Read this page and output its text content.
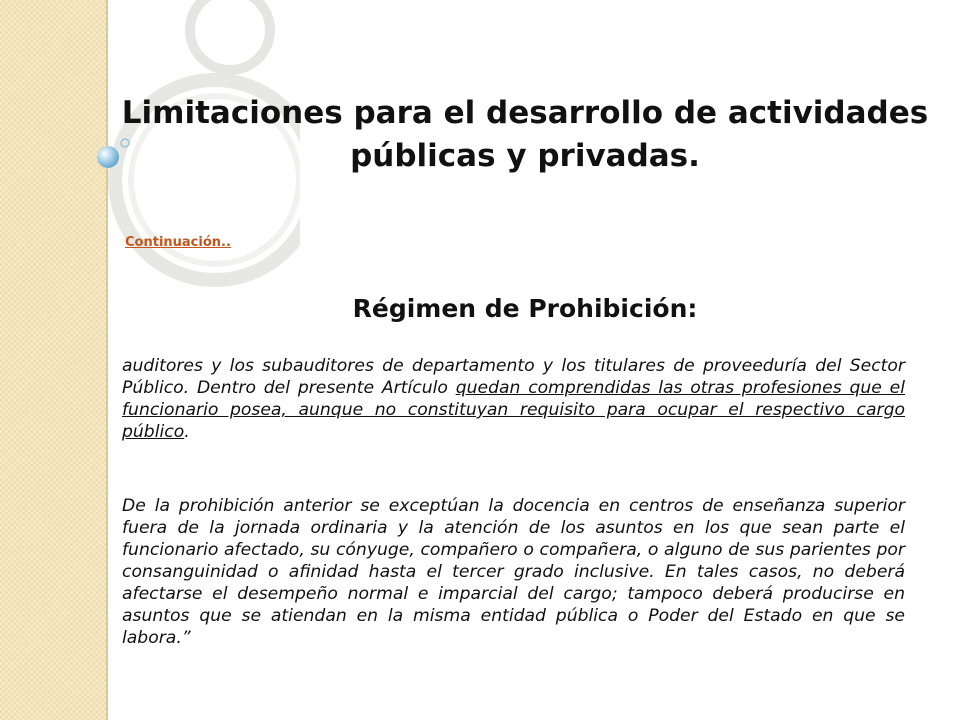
Limitaciones para el desarrollo de actividades públicas y privadas.
Continuación..
Régimen de Prohibición:
auditores y los subauditores de departamento y los titulares de proveeduría del Sector Público. Dentro del presente Artículo quedan comprendidas las otras profesiones que el funcionario posea, aunque no constituyan requisito para ocupar el respectivo cargo público.
De la prohibición anterior se exceptúan la docencia en centros de enseñanza superior fuera de la jornada ordinaria y la atención de los asuntos en los que sean parte el funcionario afectado, su cónyuge, compañero o compañera, o alguno de sus parientes por consanguinidad o afinidad hasta el tercer grado inclusive. En tales casos, no deberá afectarse el desempeño normal e imparcial del cargo; tampoco deberá producirse en asuntos que se atiendan en la misma entidad pública o Poder del Estado en que se labora.”
